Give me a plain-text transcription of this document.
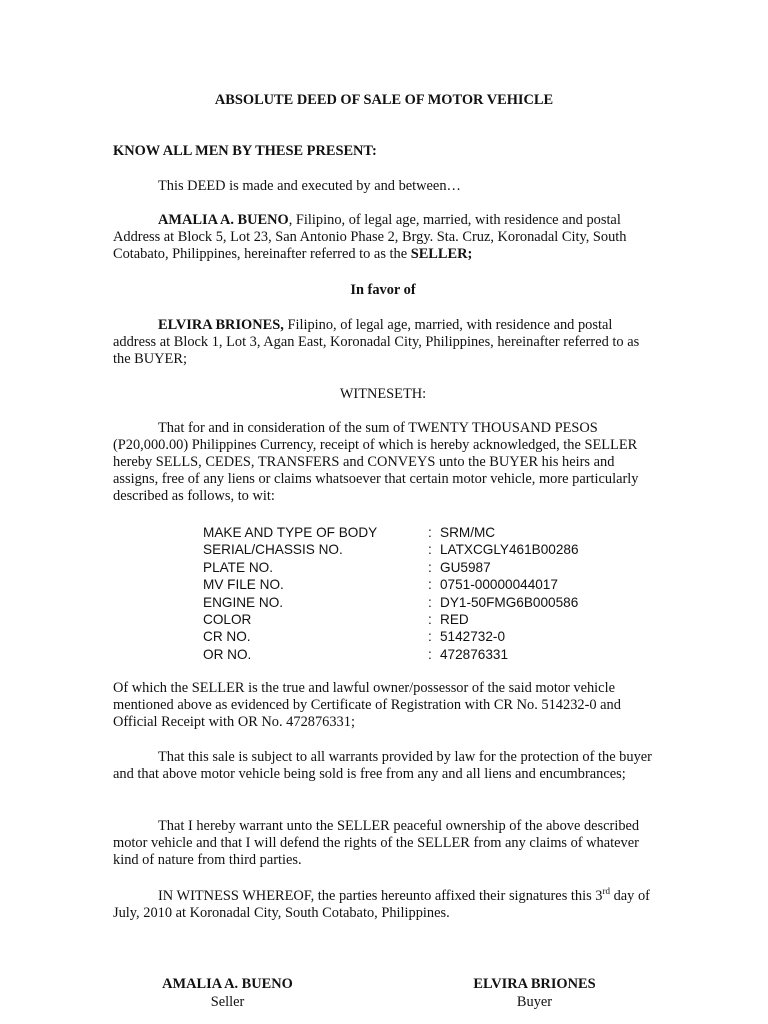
ABSOLUTE DEED OF SALE OF MOTOR VEHICLE

KNOW ALL MEN BY THESE PRESENT:

This DEED is made and executed by and between…

AMALIA A. BUENO, Filipino, of legal age, married, with residence and postal Address at Block 5, Lot 23, San Antonio Phase 2, Brgy. Sta. Cruz, Koronadal City, South Cotabato, Philippines, hereinafter referred to as the SELLER;

In favor of

ELVIRA BRIONES, Filipino, of legal age, married, with residence and postal address at Block 1, Lot 3, Agan East, Koronadal City, Philippines, hereinafter referred to as the BUYER;

WITNESETH:

That for and in consideration of the sum of TWENTY THOUSAND PESOS (P20,000.00) Philippines Currency, receipt of which is hereby acknowledged, the SELLER hereby SELLS, CEDES, TRANSFERS and CONVEYS unto the BUYER his heirs and assigns, free of any liens or claims whatsoever that certain motor vehicle, more particularly described as follows, to wit:

MAKE AND TYPE OF BODY	:	SRM/MC
SERIAL/CHASSIS NO.	:	LATXCGLY461B00286
PLATE NO.	:	GU5987
MV FILE NO.	:	0751-00000044017
ENGINE NO.	:	DY1-50FMG6B000586
COLOR	:	RED
CR NO.	:	5142732-0
OR NO.	:	472876331

Of which the SELLER is the true and lawful owner/possessor of the said motor vehicle mentioned above as evidenced by Certificate of Registration with CR No. 514232-0 and Official Receipt with OR No. 472876331;

That this sale is subject to all warrants provided by law for the protection of the buyer and that above motor vehicle being sold is free from any and all liens and encumbrances;

That I hereby warrant unto the SELLER peaceful ownership of the above described motor vehicle and that I will defend the rights of the SELLER from any claims of whatever kind of nature from third parties.

IN WITNESS WHEREOF, the parties hereunto affixed their signatures this 3rd day of July, 2010 at Koronadal City, South Cotabato, Philippines.

AMALIA A. BUENO
Seller
ELVIRA BRIONES
Buyer
